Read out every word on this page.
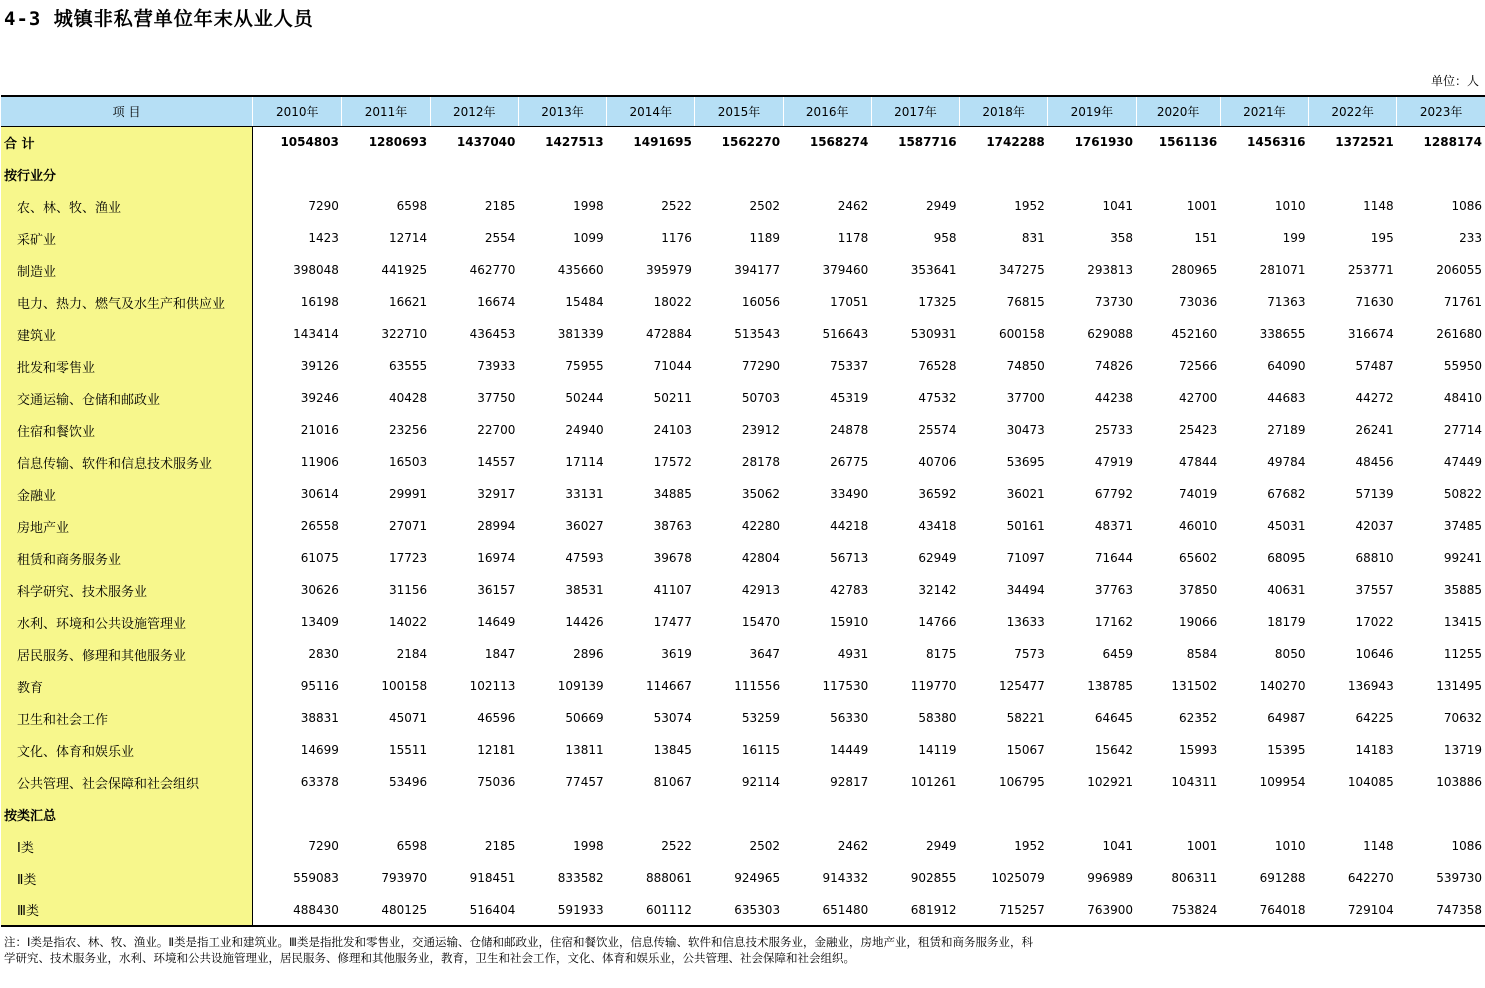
4-3 城镇非私营单位年末从业人员
单位：人
项 目	2010年	2011年	2012年	2013年	2014年	2015年	2016年	2017年	2018年	2019年	2020年	2021年	2022年	2023年
合 计	1054803	1280693	1437040	1427513	1491695	1562270	1568274	1587716	1742288	1761930	1561136	1456316	1372521	1288174
按行业分														
农、林、牧、渔业	7290	6598	2185	1998	2522	2502	2462	2949	1952	1041	1001	1010	1148	1086
采矿业	1423	12714	2554	1099	1176	1189	1178	958	831	358	151	199	195	233
制造业	398048	441925	462770	435660	395979	394177	379460	353641	347275	293813	280965	281071	253771	206055
电力、热力、燃气及水生产和供应业	16198	16621	16674	15484	18022	16056	17051	17325	76815	73730	73036	71363	71630	71761
建筑业	143414	322710	436453	381339	472884	513543	516643	530931	600158	629088	452160	338655	316674	261680
批发和零售业	39126	63555	73933	75955	71044	77290	75337	76528	74850	74826	72566	64090	57487	55950
交通运输、仓储和邮政业	39246	40428	37750	50244	50211	50703	45319	47532	37700	44238	42700	44683	44272	48410
住宿和餐饮业	21016	23256	22700	24940	24103	23912	24878	25574	30473	25733	25423	27189	26241	27714
信息传输、软件和信息技术服务业	11906	16503	14557	17114	17572	28178	26775	40706	53695	47919	47844	49784	48456	47449
金融业	30614	29991	32917	33131	34885	35062	33490	36592	36021	67792	74019	67682	57139	50822
房地产业	26558	27071	28994	36027	38763	42280	44218	43418	50161	48371	46010	45031	42037	37485
租赁和商务服务业	61075	17723	16974	47593	39678	42804	56713	62949	71097	71644	65602	68095	68810	99241
科学研究、技术服务业	30626	31156	36157	38531	41107	42913	42783	32142	34494	37763	37850	40631	37557	35885
水利、环境和公共设施管理业	13409	14022	14649	14426	17477	15470	15910	14766	13633	17162	19066	18179	17022	13415
居民服务、修理和其他服务业	2830	2184	1847	2896	3619	3647	4931	8175	7573	6459	8584	8050	10646	11255
教育	95116	100158	102113	109139	114667	111556	117530	119770	125477	138785	131502	140270	136943	131495
卫生和社会工作	38831	45071	46596	50669	53074	53259	56330	58380	58221	64645	62352	64987	64225	70632
文化、体育和娱乐业	14699	15511	12181	13811	13845	16115	14449	14119	15067	15642	15993	15395	14183	13719
公共管理、社会保障和社会组织	63378	53496	75036	77457	81067	92114	92817	101261	106795	102921	104311	109954	104085	103886
按类汇总														
Ⅰ类	7290	6598	2185	1998	2522	2502	2462	2949	1952	1041	1001	1010	1148	1086
Ⅱ类	559083	793970	918451	833582	888061	924965	914332	902855	1025079	996989	806311	691288	642270	539730
Ⅲ类	488430	480125	516404	591933	601112	635303	651480	681912	715257	763900	753824	764018	729104	747358
注：Ⅰ类是指农、林、牧、渔业。Ⅱ类是指工业和建筑业。Ⅲ类是指批发和零售业，交通运输、仓储和邮政业，住宿和餐饮业，信息传输、软件和信息技术服务业，金融业，房地产业，租赁和商务服务业，科学研究、技术服务业，水利、环境和公共设施管理业，居民服务、修理和其他服务业，教育，卫生和社会工作，文化、体育和娱乐业，公共管理、社会保障和社会组织。
